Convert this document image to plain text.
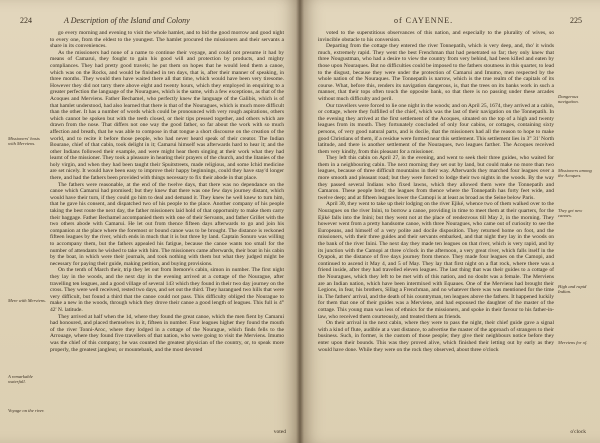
224	A Description of the Island and Colony

go every morning and evening to visit the whole hamlet, and to bid the good morrow and good night to every one, from the eldest to the youngest. The hamlet procured the missioners and their servants a share in its conveniences.

As the missioners had none of a name to continue their voyage, and could not presume it had by means of Camarui, they fought to gain his good will and protection by products, and mighty compliances. They had pretty good travels; he put them on hopes that he would lend them a canoe, which was on the Rocks, and would be finished in ten days, that is, after their manner of speaking, in three months. They would then have waited there all that time, which would have been very tiresome. However they did not tarry there above eight and twenty hours, which they employed in enquiring to a greater perfection the language of the Nouragues, which is the same, with a few exceptions, as that of the Acoques and Merviens. Father Bechamel, who perfectly knew the language of the Galibis, which is of that hamlet understood, had also learned that there is that of the Nouragues, which is much more difficult than the other. It has a number of words which could be pronounced with very rough aspirations, others which cannot be spoken but with the teeth closed, or their tips pressed together, and others which are drawn from the nose. That differs not one way the good father, so far about the work with so much affection and breath, that he was able to compose in that tongue a short discourse on the creation of the world, and to recite it before those people, who had never heard speak of their creator. The Indian Bourane, chief of that cabin, took delight in it; Camarui himself was afterwards hard to hear it; and the other Indians followed their example, and were might hear them singing at their work what they had learnt of the missioner. They took a pleasure in hearing their prayers of the church, and the litanies of the holy virgin, and when they had been taught their Spuitstreets, made religious, and some Ichid medicine are set nicely. It would have been easy to improve their happy beginnings, could they have stay'd longer there, and had the fathers been provided with things necessary to fix their abode in that place.

The fathers were reasonable, at the end of the twelve days, that there was no dependance on the canoe which Camarui had promised; but they knew that there was one few days journey distant, which would have their turn, if they could go him to deal and demand it. They knew he well knew to turn him, that he gave his consent, and dispatched two of his people to the place. Another company of his people taking the best route the next day, the father missioners laid hold of that opportunity to make them carry their baggage. Father Bechamel accompanied them with one of their Servants, and father Grillet with the two others abode with Camarui. He let out from thence fifteen days afterwards to go and join his companion at the place where the foremost or bound canoe was to be brought. The distance is reckoned fifteen leagues by the river, which ends in much that it is but three by land. Captain Sonuro was willing to accompany them, but the fathers appealed his fatigue, because the canoe wants too small for the number of attendants he wished to take with him. The missioners came afterwards, their boat in his cabin by the boat, in which were their journals, and took nothing with them but what they judged might be necessary for paying their guide, making petition, and buying provisions.

On the tenth of March their, trip they let out from Itemore's cabin, simon in number. The first night they lay in the woods, and the next day in the evening arrived at a cottage of the Nourague, after travelling ten leagues, and a good village of several 143 which they found in their two day journey on the cross. They were well received, rested two days, and set out the third. They harangued two hills that were very difficult, but found a third that the canoe could not pass. This difficulty obliged the Nourague to make a new in the woods, through which they drove their canoe a good length of leagues. This full is 4° 42' N. latitude.

They arrived at half when the 1d, where they found the great canoe, which the men fient by Camarui had honoured, and placed themselves in it, fifteen in number. Four leagues higher they found the mouth of the river Tonni-Aroc, where they lodged in a cottage of the Nourague, which finds fells to the Arrouage, where they found five travellers of that nation, who were going to visit the Merviens. Imumo was the chief of this company; he was counted the greatest physician of the country, or, to speak more properly, the greatest jangleur, or mountebank, and the most devoted

Missioners' hosts with Merviens.
Mere with Merviens.
A remarkable waterfall.
Voyage on the river.
voted
of CAYENNE.	225

voted to the superstitious observances of this nation, and especially to the plurality of wives, so invincible obstacle to his conversion.

Departing from the cottage they entered the river Tonnepatih, which is very deep, and, tho' it winds much, extremely rapid. They went the best Frenchman that had penetrated so far; they only knew that three Nougustman, who had a desire to view the country from very behind, had been killed and eaten by those upon Nouraques. But no difficulties could be imposed to the fathers stoutness in this quarter, to lead to the disgust, because they were under the protection of Camarui and Imumo, men respected by the whole nation of the Nouraques. The Tonnepatih is narrow, which is the true realm of the capitals of its course. What, before this, renders its navigation dangerous, is, that the trees on its banks work in such a manner, that their tops often touch the opposite bank, so that there is no passing under these arcades without much difficulty and peril.

Our travellers were forced to lie one night in the woods; and on April 25, 1674, they arrived at a cabin, or cottage, where they fulfilled of the chief, which was the last of their navigation on the Tonnepatih. In the evening they arrived at the first settlement of the Acoques, situated on the top of a high and twenty leagues from its mouth. They fortunately concluded of only four cabins, or cottages, containing sixty persons, of very good natural parts, and is docile, that the missioners had all the reason to hope to make good Christians of them, if a residue were formed near this settlement. This settlement lies in 3° 31' North latitude, and there is another settlement of the Nouraques, two leagues farther. The Acoques received them very kindly, from this pleasant for a missioner.

They left this cabin on April 27, in the evening, and went to seek their three guides, who waited for them in a neighbouring cabin. The next morning they set out by land, but could make no more than two leagues, because of three difficult mountains in their way. Afterwards they marched four leagues over a more smooth and pleasant road; but they were forced to lodge their two nights in the woods. By the way they passed several Indians who fixed lawns, which they allowed them were the Tonnepatih and Camaron. These people bred; the leagues from thence where the Tonnepatih has forty feet wide, and twelve deep; and at fifteen leagues lower the Camopi is at least as broad as the Seine below Paris.

April 30, they went to take up their lodging on the river Ejiké, whence two of them walked over to the Nouragues on the river Inini, to borrow a canoe, providing in time to meet them at their quarters, for the Ejiké falls into the Inini; but they went not at the place of rendezvous till May 2, in the morning. They however went from a pretty handsome canoe, with three Nouragues, who came out of curiosity to see the Europeans, and himself of a very polite and docile disposition. They returned home on foot, and the missioners, with their three guides and their servants embarked, and that night they lay in the woods on the bank of the river Inini. The next day they made ten leagues on that river, which is very rapid, and by its junction with the Camopi at three o'clock in the afternoon, a very great river, which falls itself in the Oyapok, at the distance of five days journey from thence. They made four leagues on the Camopi, and continued to ascend it May 4, and 5 of May. They lay that first night on a flat rock, where there was a friend inside, after they had travelled eleven leagues. The last thing that was their guides to a cottage of the Nouragues, which they left to be met with of this nation, and no doubt was a female. The Merviens are an Indian nation, which have been intermixed with Equaues. One of the Merviens had brought their Legions, in fear, his brothers, Sillag a Frenchman, and no whatever there was was mentioned for the time in. The fathers' arrival, and the death of his countryman, ten leagues above the fathers. It happened luckily for them that one of their guides was a Merviene, and had espoused the daughter of the master of the cottage. This young man was less of ethnics for the missioners, and spoke in their favour to his father-in-law, who received them courteously, and treated them as friends.

On their arrival in the next cabin, where they were to pass the night, their chief guide gave a signal with a kind of flute, audible at a vast distance, to advertise the master of the approach of strangers to their business. Such, in former, is the custom of those people; they give their neighbours notice before they enter upon their bounds. This was they proved alive, which finished their letting out by early as they would have done. While they were on the rock they observed, about three o'clock

Dangerous navigation.
Missioners among the Acoques.
They get new canoes.
High and rapid Indian.
Merviens for of.
o'clock
